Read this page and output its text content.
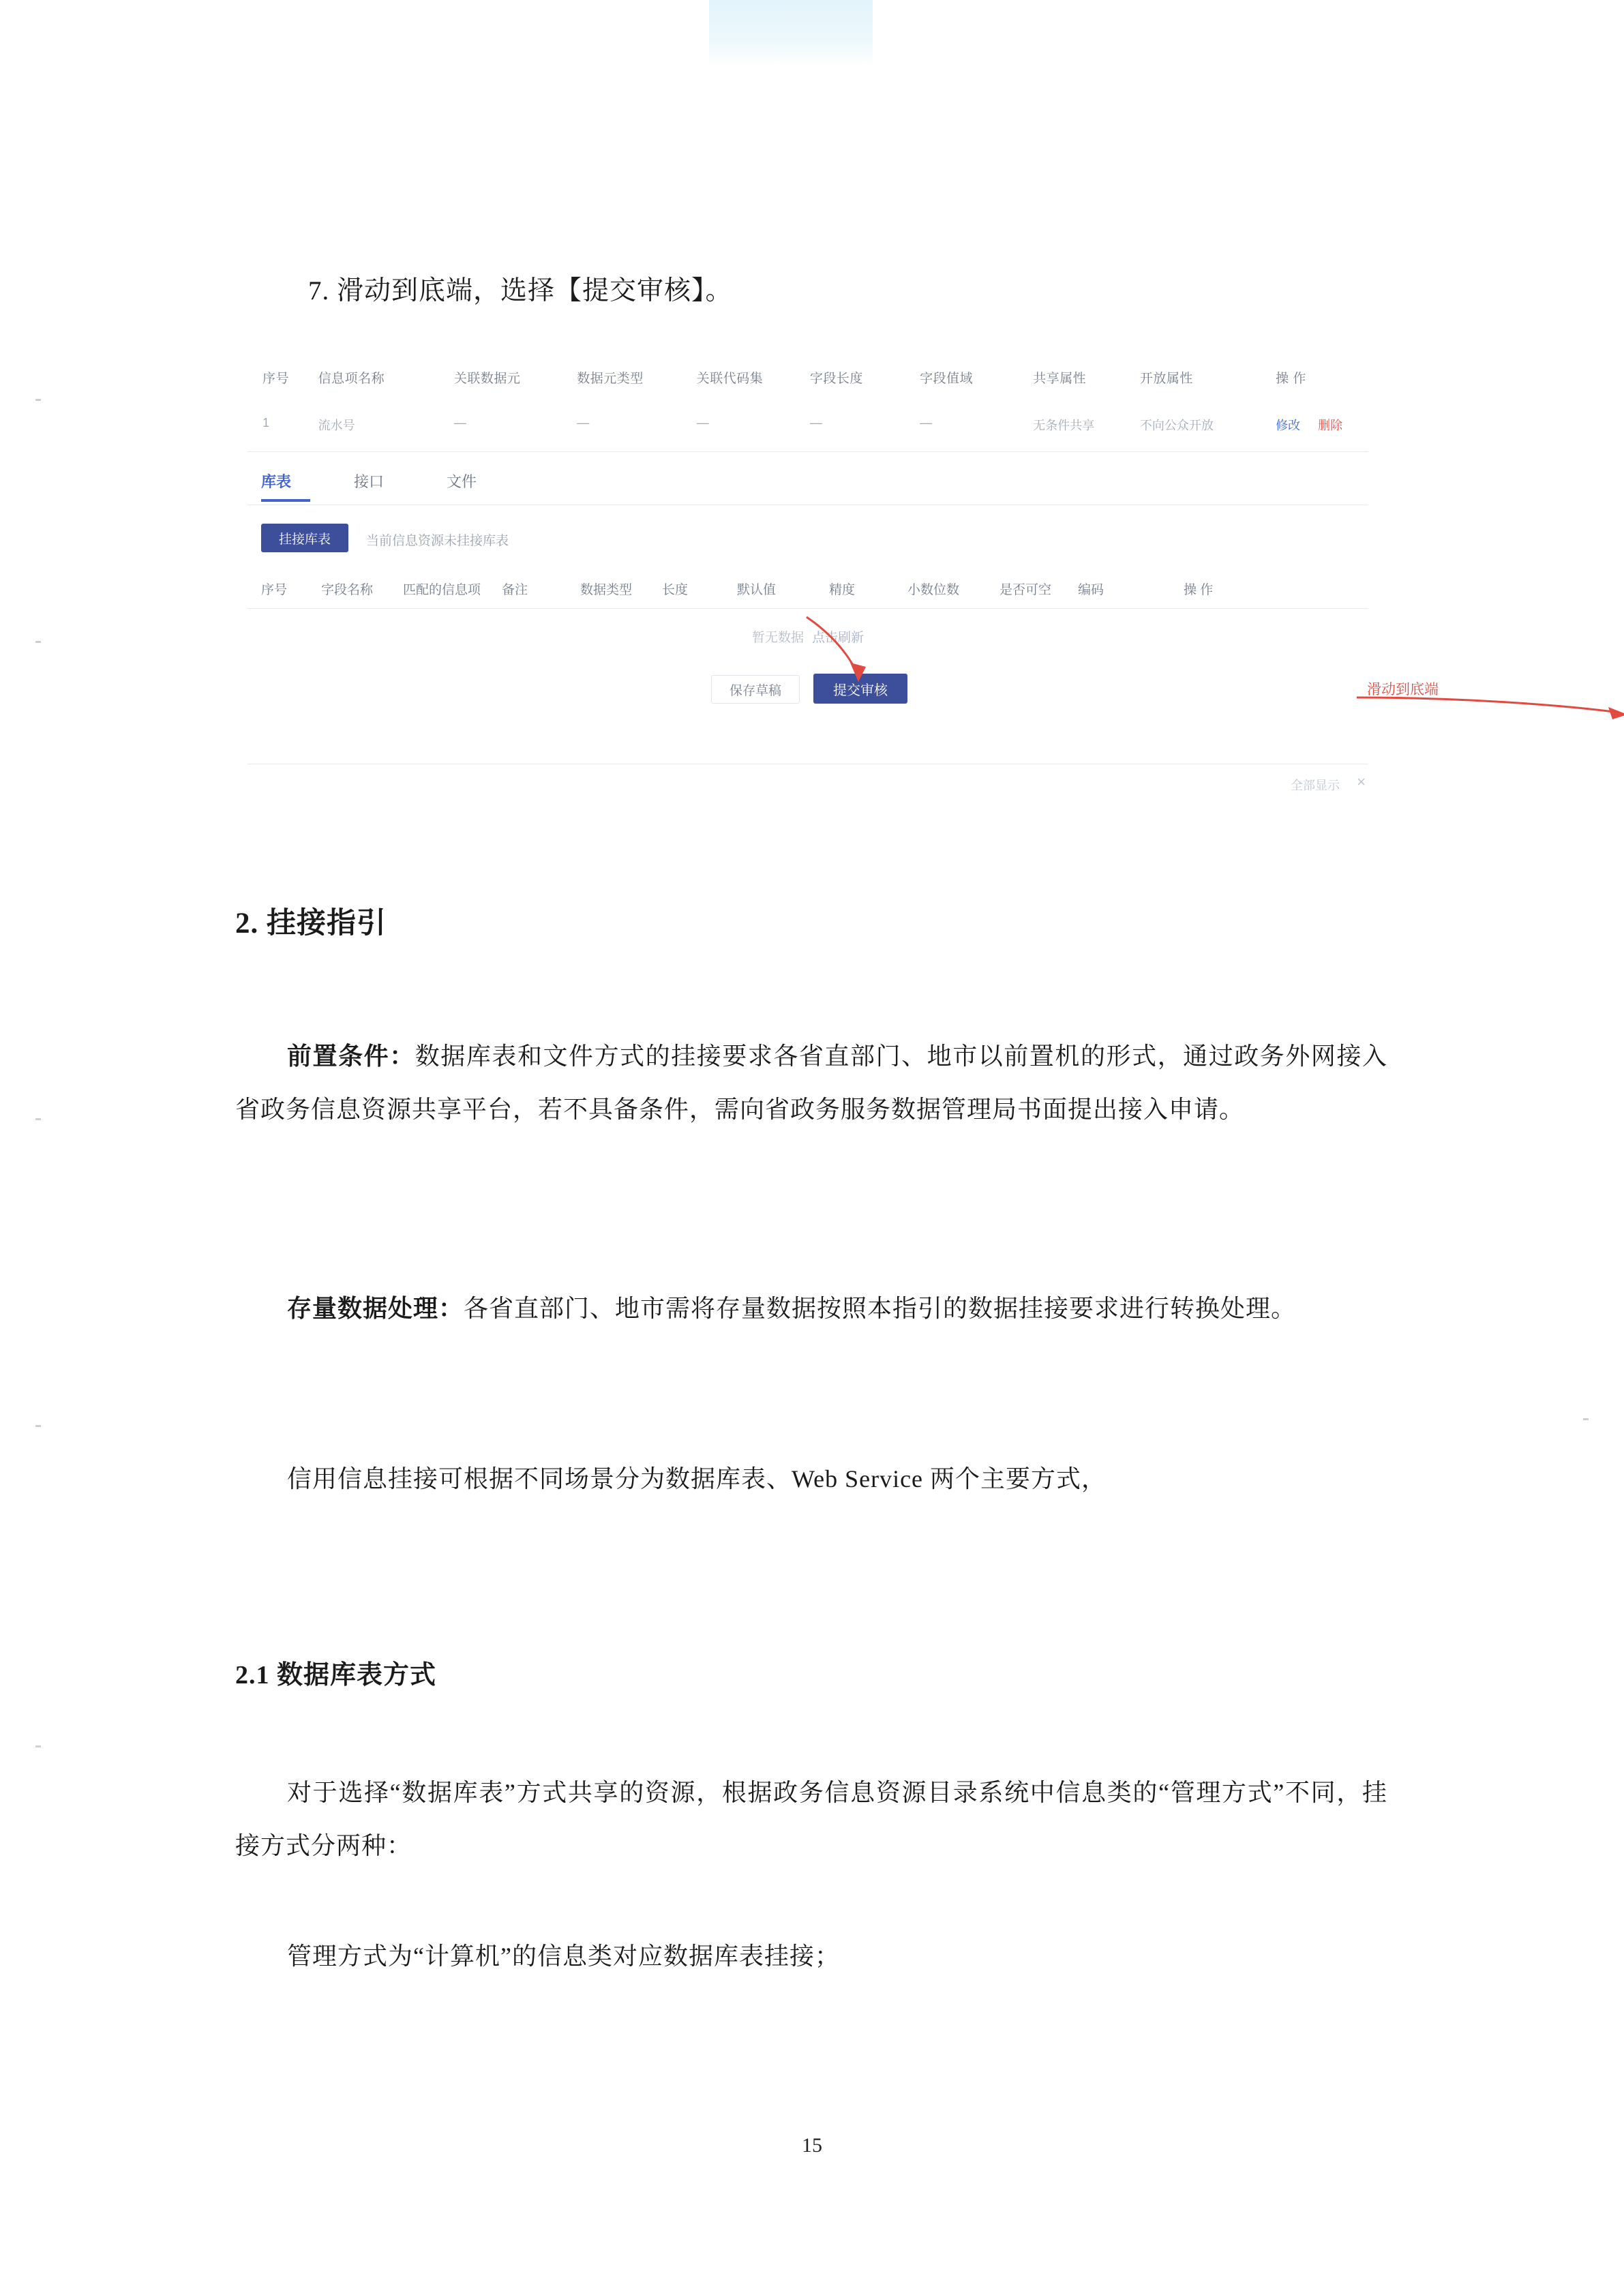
7. 滑动到底端，选择【提交审核】。
序号	信息项名称	关联数据元	数据元类型	关联代码集	字段长度	字段值域	共享属性	开放属性	操 作
1	流水号	—	—	—	—	—	无条件共享	不向公众开放	修改 删除
库表	接口	文件
挂接库表	当前信息资源未挂接库表
序号	字段名称	匹配的信息项	备注	数据类型	长度	默认值	精度	小数位数	是否可空	编码	操 作
暂无数据 点击刷新
保存草稿	提交审核	滑动到底端
全部显示 ×
2. 挂接指引
前置条件：数据库表和文件方式的挂接要求各省直部门、地市以前置机的形式，通过政务外网接入省政务信息资源共享平台，若不具备条件，需向省政务服务数据管理局书面提出接入申请。
存量数据处理：各省直部门、地市需将存量数据按照本指引的数据挂接要求进行转换处理。
信用信息挂接可根据不同场景分为数据库表、Web Service 两个主要方式，
2.1 数据库表方式
对于选择“数据库表”方式共享的资源，根据政务信息资源目录系统中信息类的“管理方式”不同，挂接方式分两种：
管理方式为“计算机”的信息类对应数据库表挂接；
15
